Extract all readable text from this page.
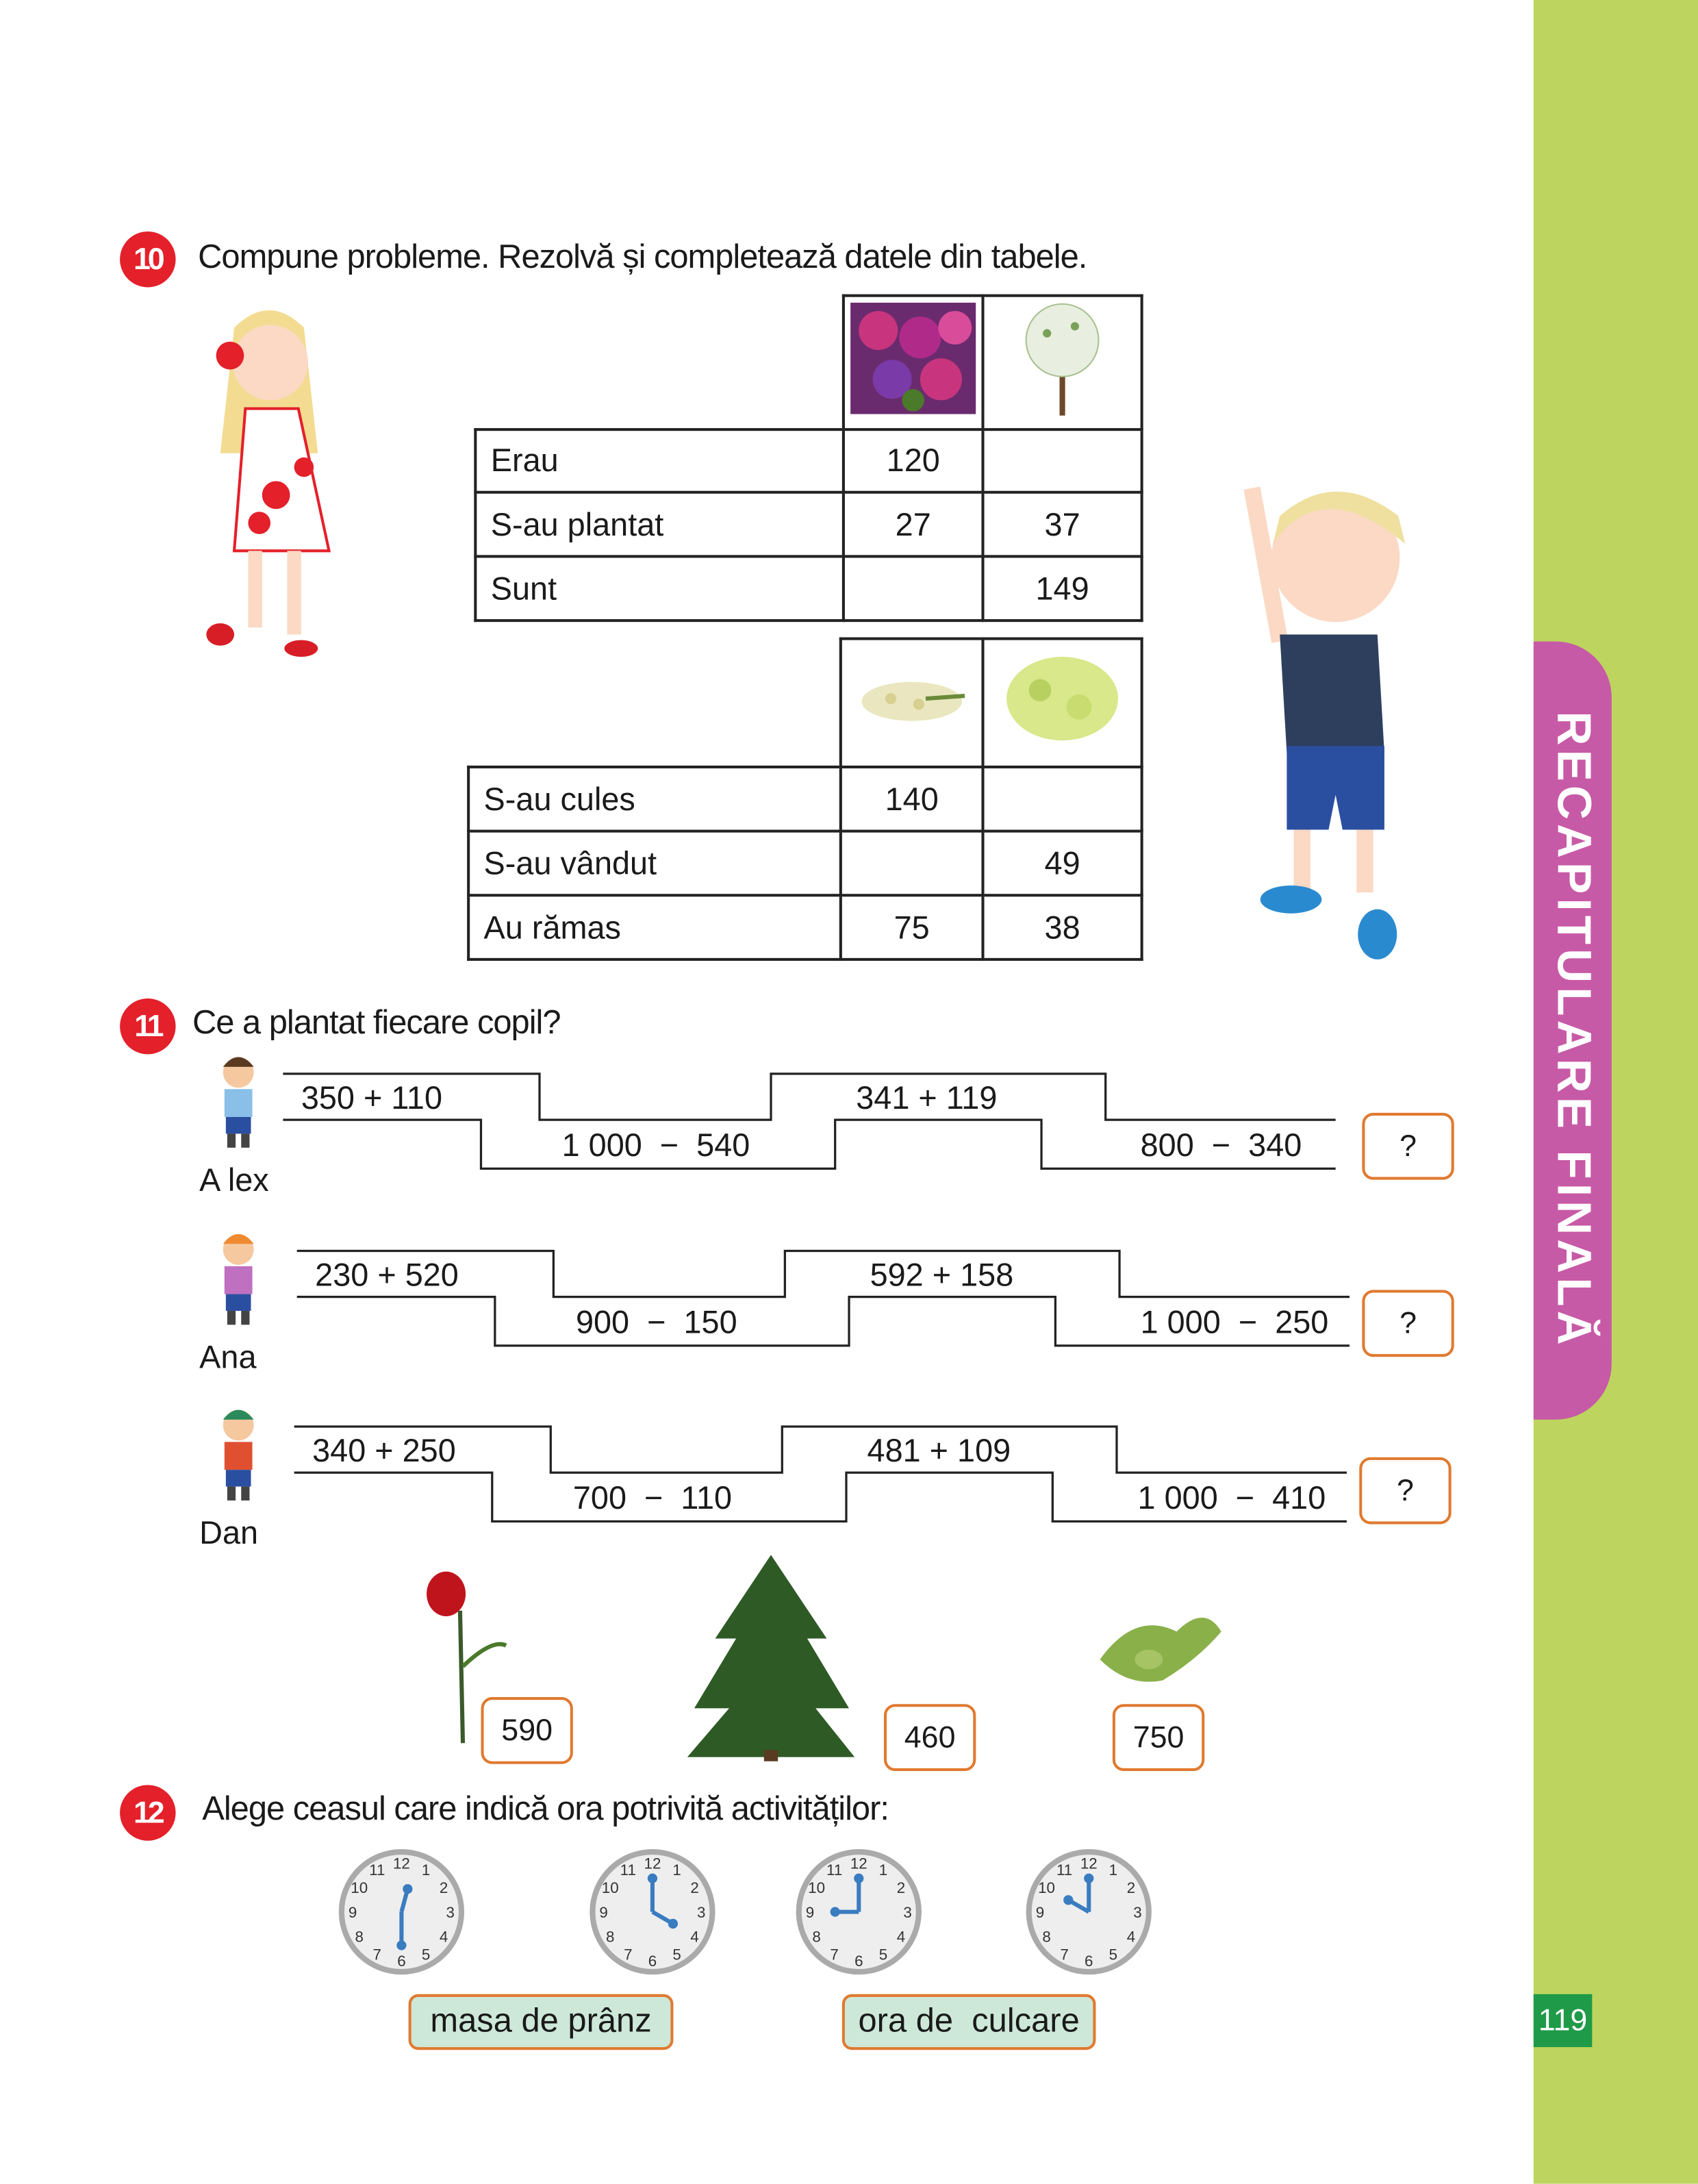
RECAPITULARE FINALĂ
119
10	Compune probleme. Rezolvă și completează datele din tabele.

Erau	120	
S-au plantat	27	37
Sunt		149

S-au cules	140	
S-au vândut		49
Au rămas	75	38
11	Ce a plantat fiecare copil?
A lex
350 + 110
1 000  −  540
341 + 119
800  −  340	?
Ana
230 + 520
900  −  150
592 + 158
1 000  −  250	?
Dan
340 + 250
700  −  110
481 + 109
1 000  −  410	?
590	460	750
12	Alege ceasul care indică ora potrivită activităților:
1
2
3
4
5
6
7
8
9
10
11 12	1
2
3
4
5
6
7
8
9
10
11 12	1
2
3
4
5
6
7
8
9
10
11 12	1
2
3
4
5
6
7
8
9
10
11 12
masa de prânz	ora de  culcare
